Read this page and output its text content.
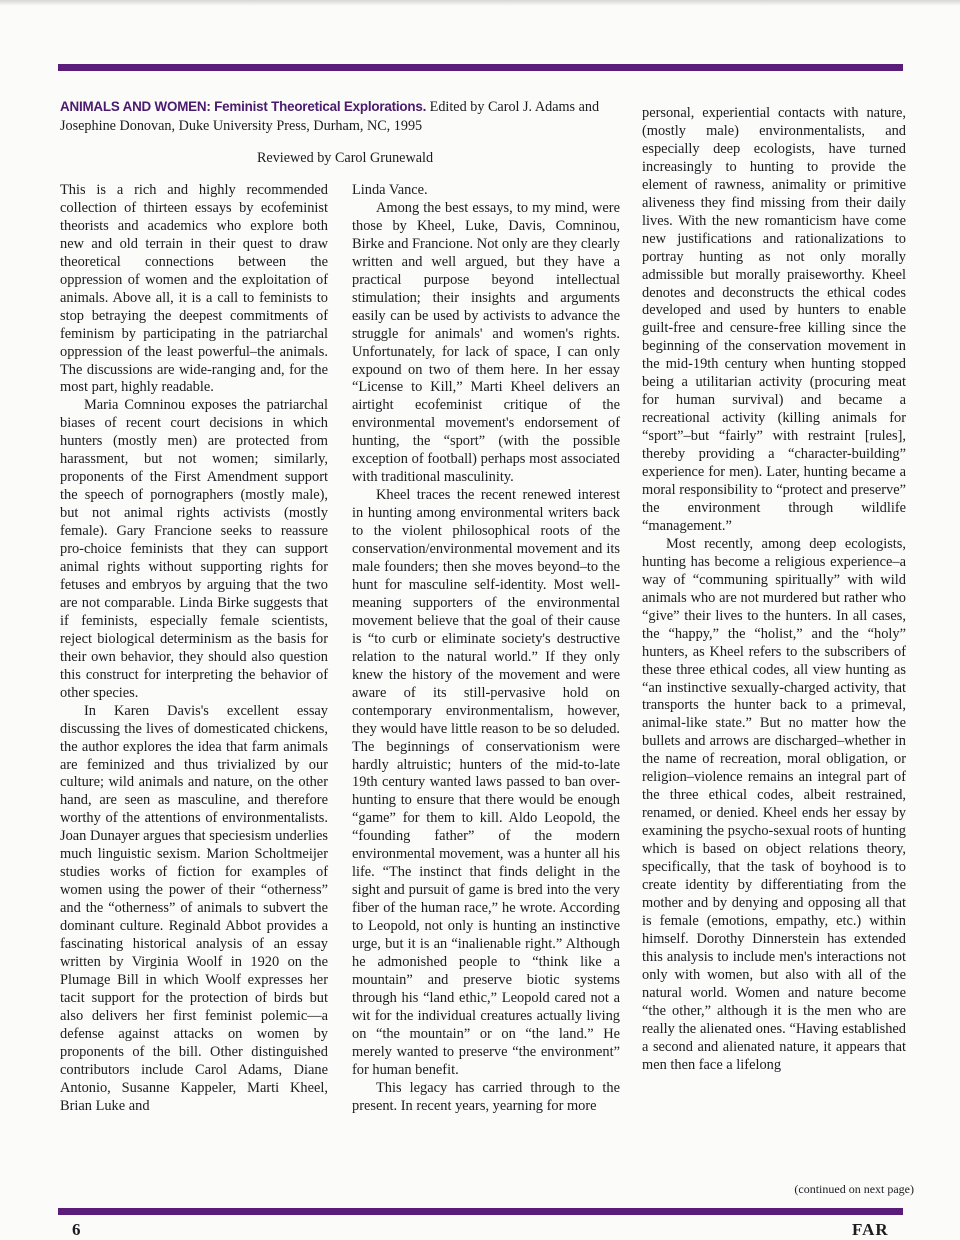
ANIMALS AND WOMEN: Feminist Theoretical Explorations. Edited by Carol J. Adams and Josephine Donovan, Duke University Press, Durham, NC, 1995
Reviewed by Carol Grunewald

This is a rich and highly recommended collection of thirteen essays by ecofeminist theorists and academics who explore both new and old terrain in their quest to draw theoretical connections between the oppression of women and the exploitation of animals. Above all, it is a call to feminists to stop betraying the deepest commitments of feminism by participating in the patriarchal oppression of the least powerful–the animals. The discussions are wide-ranging and, for the most part, highly readable.

Maria Comninou exposes the patriarchal biases of recent court decisions in which hunters (mostly men) are protected from harassment, but not women; similarly, proponents of the First Amendment support the speech of pornographers (mostly male), but not animal rights activists (mostly female). Gary Francione seeks to reassure pro-choice feminists that they can support animal rights without supporting rights for fetuses and embryos by arguing that the two are not comparable. Linda Birke suggests that if feminists, especially female scientists, reject biological determinism as the basis for their own behavior, they should also question this construct for interpreting the behavior of other species.

In Karen Davis's excellent essay discussing the lives of domesticated chickens, the author explores the idea that farm animals are feminized and thus trivialized by our culture; wild animals and nature, on the other hand, are seen as masculine, and therefore worthy of the attentions of environmentalists. Joan Dunayer argues that speciesism underlies much linguistic sexism. Marion Scholtmeijer studies works of fiction for examples of women using the power of their “otherness” and the “otherness” of animals to subvert the dominant culture. Reginald Abbot provides a fascinating historical analysis of an essay written by Virginia Woolf in 1920 on the Plumage Bill in which Woolf expresses her tacit support for the protection of birds but also delivers her first feminist polemic—a defense against attacks on women by proponents of the bill. Other distinguished contributors include Carol Adams, Diane Antonio, Susanne Kappeler, Marti Kheel, Brian Luke and

Linda Vance.

Among the best essays, to my mind, were those by Kheel, Luke, Davis, Comninou, Birke and Francione. Not only are they clearly written and well argued, but they have a practical purpose beyond intellectual stimulation; their insights and arguments easily can be used by activists to advance the struggle for animals' and women's rights. Unfortunately, for lack of space, I can only expound on two of them here. In her essay “License to Kill,” Marti Kheel delivers an airtight ecofeminist critique of the environmental movement's endorsement of hunting, the “sport” (with the possible exception of football) perhaps most associated with traditional masculinity.

Kheel traces the recent renewed interest in hunting among environmental writers back to the violent philosophical roots of the conservation/environmental movement and its male founders; then she moves beyond–to the hunt for masculine self-identity. Most well-meaning supporters of the environmental movement believe that the goal of their cause is “to curb or eliminate society's destructive relation to the natural world.” If they only knew the history of the movement and were aware of its still-pervasive hold on contemporary environmentalism, however, they would have little reason to be so deluded. The beginnings of conservationism were hardly altruistic; hunters of the mid-to-late 19th century wanted laws passed to ban over-hunting to ensure that there would be enough “game” for them to kill. Aldo Leopold, the “founding father” of the modern environmental movement, was a hunter all his life. “The instinct that finds delight in the sight and pursuit of game is bred into the very fiber of the human race,” he wrote. According to Leopold, not only is hunting an instinctive urge, but it is an “inalienable right.” Although he admonished people to “think like a mountain” and preserve biotic systems through his “land ethic,” Leopold cared not a wit for the individual creatures actually living on “the mountain” or on “the land.” He merely wanted to preserve “the environment” for human benefit.

This legacy has carried through to the present. In recent years, yearning for more

personal, experiential contacts with nature, (mostly male) environmentalists, and especially deep ecologists, have turned increasingly to hunting to provide the element of rawness, animality or primitive aliveness they find missing from their daily lives. With the new romanticism have come new justifications and rationalizations to portray hunting as not only morally admissible but morally praiseworthy. Kheel denotes and deconstructs the ethical codes developed and used by hunters to enable guilt-free and censure-free killing since the beginning of the conservation movement in the mid-19th century when hunting stopped being a utilitarian activity (procuring meat for human survival) and became a recreational activity (killing animals for “sport”–but “fairly” with restraint [rules], thereby providing a “character-building” experience for men). Later, hunting became a moral responsibility to “protect and preserve” the environment through wildlife “management.”

Most recently, among deep ecologists, hunting has become a religious experience–a way of “communing spiritually” with wild animals who are not murdered but rather who “give” their lives to the hunters. In all cases, the “happy,” the “holist,” and the “holy” hunters, as Kheel refers to the subscribers of these three ethical codes, all view hunting as “an instinctive sexually-charged activity, that transports the hunter back to a primeval, animal-like state.” But no matter how the bullets and arrows are discharged–whether in the name of recreation, moral obligation, or religion–violence remains an integral part of the three ethical codes, albeit restrained, renamed, or denied. Kheel ends her essay by examining the psycho-sexual roots of hunting which is based on object relations theory, specifically, that the task of boyhood is to create identity by differentiating from the mother and by denying and opposing all that is female (emotions, empathy, etc.) within himself. Dorothy Dinnerstein has extended this analysis to include men's interactions not only with women, but also with all of the natural world. Women and nature become “the other,” although it is the men who are really the alienated ones. “Having established a second and alienated nature, it appears that men then face a lifelong

(continued on next page)
6	FAR
